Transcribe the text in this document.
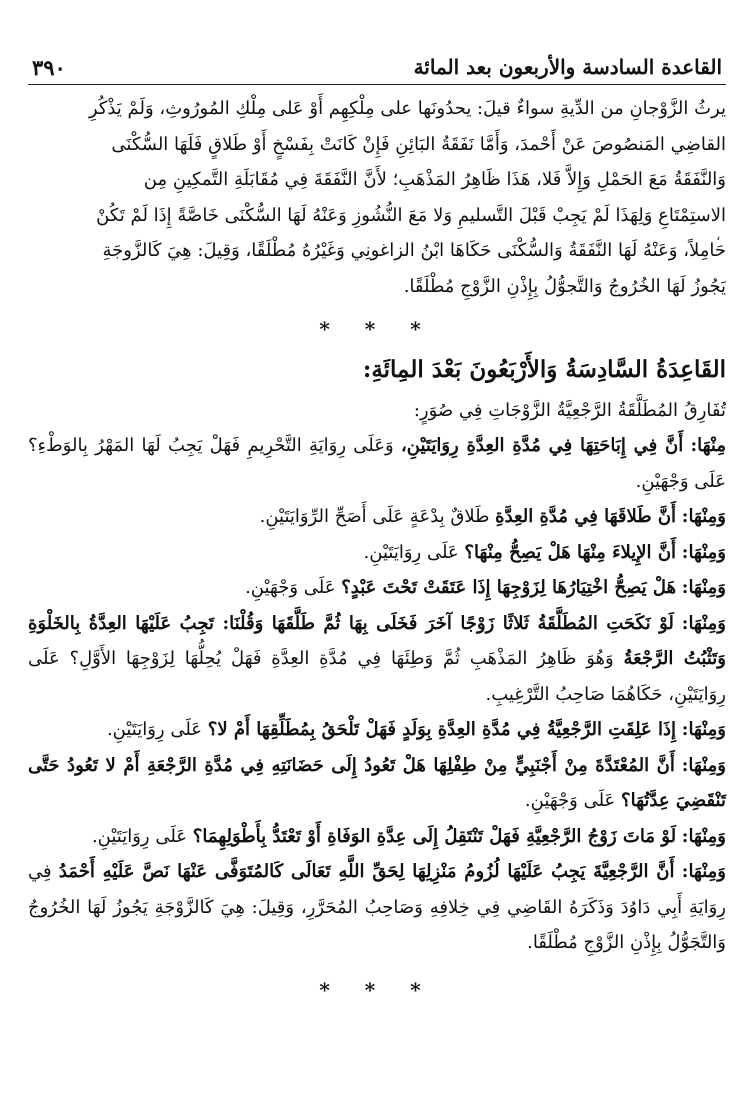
القاعدة السادسة والأربعون بعد المائة
٣٩٠
يرثُ الزَّوْجانِ من الدِّيةِ سواءٌ قيلَ: يحدُونَها على مِلْكِهِم أَوْ عَلى مِلْكِ المُورُوثِ، وَلَمْ يَذْكُرِ
القاضِي المَنصُوصَ عَنْ أَحْمدَ، وَأَمَّا نَفَقَةُ البَائِنِ فَإِنْ كَانَتْ بِفَسْخٍ أَوْ طَلاقٍ فَلَهَا السُّكْنَى
وَالنَّفَقَةُ مَعَ الحَمْلِ وَإِلاَّ فَلا، هَذَا ظَاهِرُ المَذْهَبِ؛ لأَنَّ النَّفَقَةَ فِي مُقَابَلَةِ التَّمكِينِ مِن
الاستِمْتَاعِ وَلِهَذَا لَمْ يَجِبْ قَبْلَ التَّسليمِ وَلا مَعَ النُّشُوزِ وَعَنْهُ لَهَا السُّكْنَى خَاصَّةً إِذَا لَمْ تَكُنْ
حَامِلاً، وَعَنْهُ لَهَا النَّفَقَةُ وَالسُّكْنَى حَكَاهَا ابْنُ الزاغونِي وَغَيْرُهُ مُطْلَقًا، وَقِيلَ: هِيَ كَالزَّوجَةِ
يَجُوزُ لَهَا الخُرُوجُ وَالتَّجوُّلُ بِإِذْنِ الزَّوْجِ مُطْلَقًا.
* * *
القَاعِدَةُ السَّادِسَةُ وَالأَرْبَعُونَ بَعْدَ المِائَةِ:
تُفَارِقُ المُطَلَّقَةُ الرَّجْعِيَّةُ الزَّوْجَاتِ فِي صُوَرٍ:
مِنْهَا: أَنَّ فِي إِبَاحَتِهَا فِي مُدَّةِ العِدَّةِ رِوَايَتَيْنِ، وَعَلَى رِوَايَةِ التَّحْرِيمِ فَهَلْ يَجِبُ لَهَا المَهْرُ بِالوَطْءِ؟ عَلَى وَجْهَيْنِ.
وَمِنْهَا: أَنَّ طَلاقَهَا فِي مُدَّةِ العِدَّةِ طَلاقٌ بِدْعَةٍ عَلَى أَصَحِّ الرِّوَايَتَيْنِ.
وَمِنْهَا: أَنَّ الإِيلاءَ مِنْهَا هَلْ يَصِحُّ مِنْهَا؟ عَلَى رِوَايَتَيْنِ.
وَمِنْهَا: هَلْ يَصِحُّ اخْتِيَارُهَا لِزَوْجِهَا إِذَا عَتَقَتْ تَحْتَ عَبْدٍ؟ عَلَى وَجْهَيْنِ.
وَمِنْهَا: لَوْ نَكَحَتِ المُطَلَّقَةُ ثَلاثًا زَوْجًا آخَرَ فَخَلَى بِهَا ثُمَّ طَلَّقَهَا وَقُلْنَا: تَجِبُ عَلَيْهَا العِدَّةُ بِالخَلْوَةِ وَتَثْبُتُ الرَّجْعَةُ وَهُوَ ظَاهِرُ المَذْهَبِ ثُمَّ وَطِئَهَا فِي مُدَّةِ العِدَّةِ فَهَلْ يُحِلُّهَا لِزَوْجِهَا الأَوَّلِ؟ عَلَى رِوَايَتَيْنِ، حَكَاهُمَا صَاحِبُ التَّرْغِيبِ.
وَمِنْهَا: إِذَا عَلِقَتِ الرَّجْعِيَّةُ فِي مُدَّةِ العِدَّةِ بِوَلَدٍ فَهَلْ تَلْحَقُ بِمُطَلِّقِهَا أَمْ لا؟ عَلَى رِوَايَتَيْنِ.
وَمِنْهَا: أَنَّ المُعْتَدَّةَ مِنْ أَجْنَبِيٍّ مِنْ طِفْلِهَا هَلْ تَعُودُ إِلَى حَضَانَتِهِ فِي مُدَّةِ الرَّجْعَةِ أَمْ لا تَعُودُ حَتَّى تَنْقَضِيَ عِدَّتُهَا؟ عَلَى وَجْهَيْنِ.
وَمِنْهَا: لَوْ مَاتَ زَوْجُ الرَّجْعِيَّةِ فَهَلْ تَنْتَقِلُ إِلَى عِدَّةِ الوَفَاةِ أَوْ تَعْتَدُّ بِأَطْوَلِهِمَا؟ عَلَى رِوَايَتَيْنِ.
وَمِنْهَا: أَنَّ الرَّجْعِيَّةَ يَجِبُ عَلَيْهَا لُزُومُ مَنْزِلِهَا لِحَقِّ اللَّهِ تَعَالَى كَالمُتَوَفَّى عَنْهَا نَصَّ عَلَيْهِ أَحْمَدُ فِي رِوَايَةِ أَبِي دَاوُدَ وَذَكَرَهُ القَاضِي فِي خِلافِهِ وَصَاحِبُ المُحَرَّرِ، وَقِيلَ: هِيَ كَالزَّوْجَةِ يَجُوزُ لَهَا الخُرُوجُ وَالتَّجَوُّلُ بِإِذْنِ الزَّوْجِ مُطْلَقًا.
* * *
،
